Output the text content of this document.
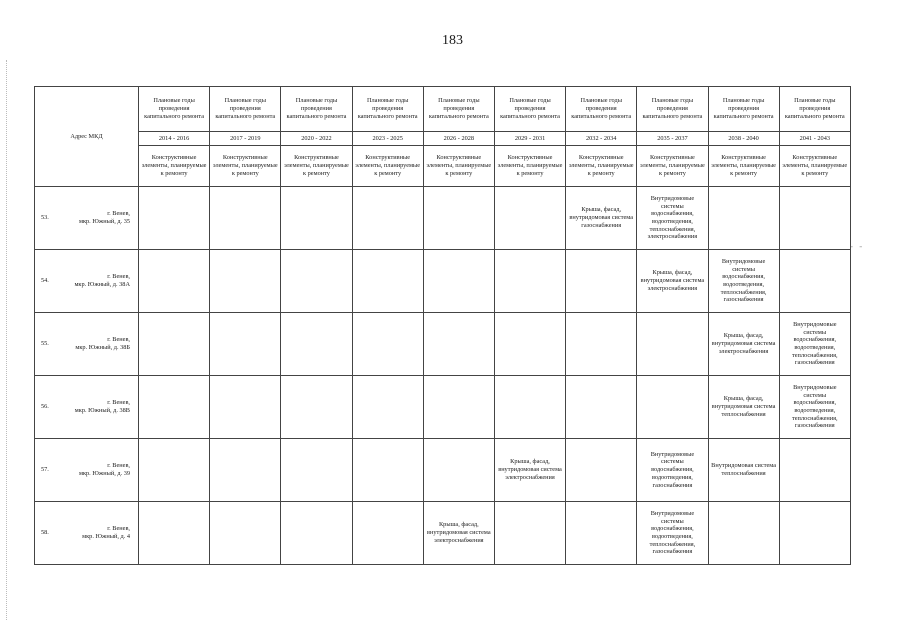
183
- -
Адрес МКД	Плановые годы проведения капитального ремонта	Плановые годы проведения капитального ремонта	Плановые годы проведения капитального ремонта	Плановые годы проведения капитального ремонта	Плановые годы проведения капитального ремонта	Плановые годы проведения капитального ремонта	Плановые годы проведения капитального ремонта	Плановые годы проведения капитального ремонта	Плановые годы проведения капитального ремонта	Плановые годы проведения капитального ремонта
	2014 - 2016	2017 - 2019	2020 - 2022	2023 - 2025	2026 - 2028	2029 - 2031	2032 - 2034	2035 - 2037	2038 - 2040	2041 - 2043
	Конструктивные элементы, планируемые к ремонту	Конструктивные элементы, планируемые к ремонту	Конструктивные элементы, планируемые к ремонту	Конструктивные элементы, планируемые к ремонту	Конструктивные элементы, планируемые к ремонту	Конструктивные элементы, планируемые к ремонту	Конструктивные элементы, планируемые к ремонту	Конструктивные элементы, планируемые к ремонту	Конструктивные элементы, планируемые к ремонту	Конструктивные элементы, планируемые к ремонту

53.
г. Венев,
мкр. Южный, д. 35							Крыша, фасад, внутридомовая система газоснабжения	Внутридомовые системы водоснабжения, водоотведения, теплоснабжения, электроснабжения		

54.
г. Венев,
мкр. Южный, д. 38А								Крыша, фасад, внутридомовая система электроснабжения	Внутридомовые системы водоснабжения, водоотведения, теплоснабжения, газоснабжения	

55.
г. Венев,
мкр. Южный, д. 38Б									Крыша, фасад, внутридомовая система электроснабжения	Внутридомовые системы водоснабжения, водоотведения, теплоснабжения, газоснабжения

56.
г. Венев,
мкр. Южный, д. 38В									Крыша, фасад, внутридомовая система теплоснабжения	Внутридомовые системы водоснабжения, водоотведения, теплоснабжения, газоснабжения

57.
г. Венев,
мкр. Южный, д. 39						Крыша, фасад, внутридомовая система электроснабжения		Внутридомовые системы водоснабжения, водоотведения, газоснабжения	Внутридомовая система теплоснабжения	

58.
г. Венев,
мкр. Южный, д. 4					Крыша, фасад, внутридомовая система электроснабжения			Внутридомовые системы водоснабжения, водоотведения, теплоснабжения, газоснабжения		
